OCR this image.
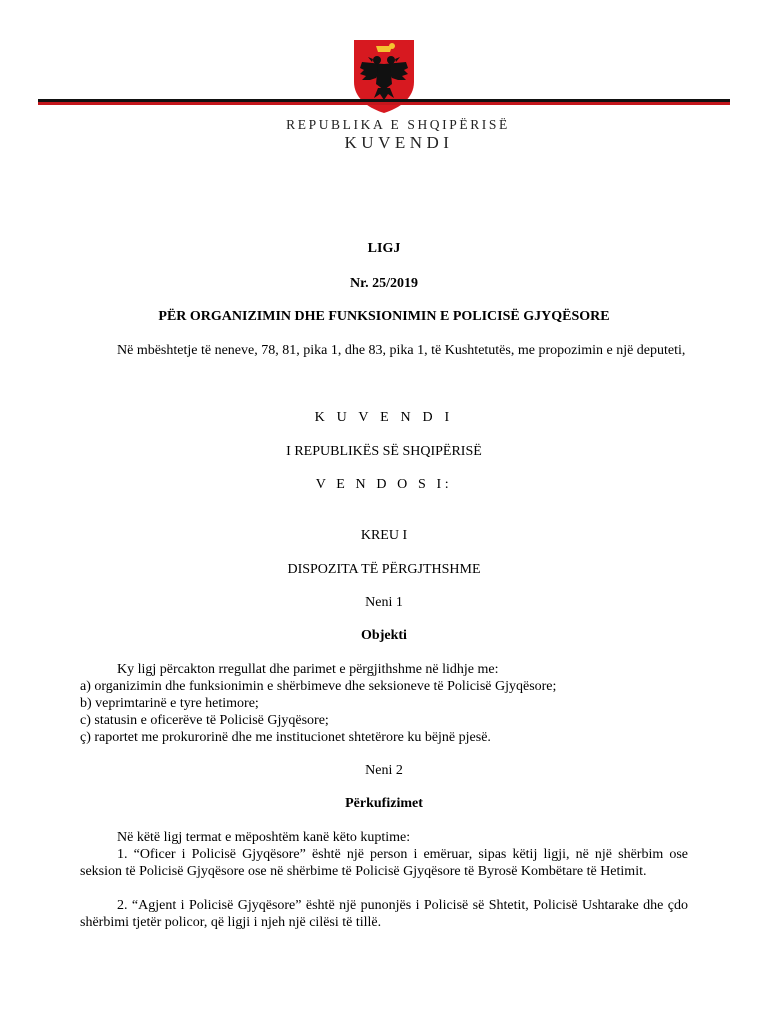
REPUBLIKA E SHQIPËRISË
KUVENDI
LIGJ
Nr. 25/2019
PËR ORGANIZIMIN DHE FUNKSIONIMIN E POLICISË GJYQËSORE
Në mbështetje të neneve, 78, 81, pika 1, dhe 83, pika 1, të Kushtetutës, me propozimin e një deputeti,
K U V E N D I
I REPUBLIKËS SË SHQIPËRISË
V E N D O S I:
KREU I
DISPOZITA TË PËRGJTHSHME
Neni 1
Objekti
Ky ligj përcakton rregullat dhe parimet e përgjithshme në lidhje me:
a) organizimin dhe funksionimin e shërbimeve dhe seksioneve të Policisë Gjyqësore;
b) veprimtarinë e tyre hetimore;
c) statusin e oficerëve të Policisë Gjyqësore;
ç) raportet me prokurorinë dhe me institucionet shtetërore ku bëjnë pjesë.
Neni 2
Përkufizimet
Në këtë ligj termat e mëposhtëm kanë këto kuptime:
1. “Oficer i Policisë Gjyqësore” është një person i emëruar, sipas këtij ligji, në një shërbim ose seksion të Policisë Gjyqësore ose në shërbime të Policisë Gjyqësore të Byrosë Kombëtare të Hetimit.
2. “Agjent i Policisë Gjyqësore” është një punonjës i Policisë së Shtetit, Policisë Ushtarake dhe çdo shërbimi tjetër policor, që ligji i njeh një cilësi të tillë.
